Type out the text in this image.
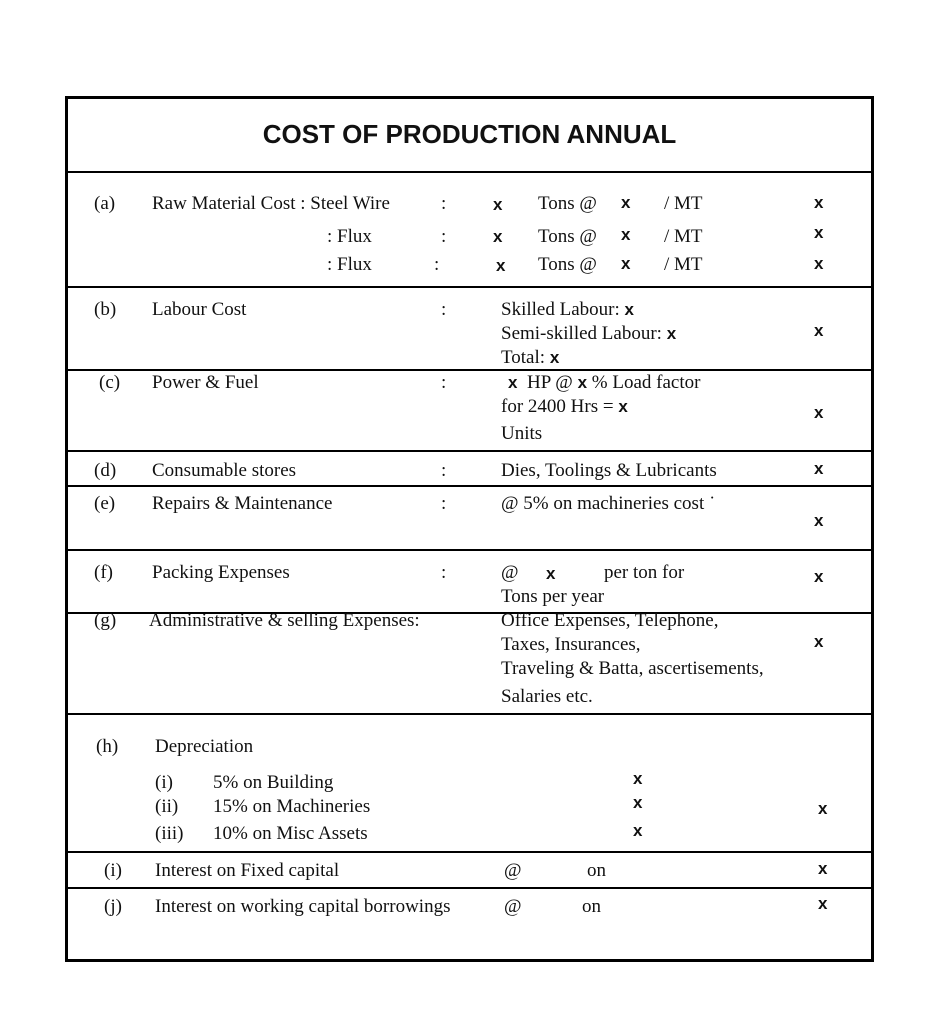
COST OF PRODUCTION ANNUAL
(a) Raw Material Cost : Steel Wire	:	x Tons @ x / MT	x
: Flux	:	x Tons @ x / MT	x
: Flux	:	x Tons @ x / MT	x
(b) Labour Cost	:	Skilled Labour: x
Semi-skilled Labour: x
Total: x
x
(c) Power & Fuel	:	x HP @ x % Load factor
for 2400 Hrs = x
Units
x
(d) Consumable stores	:	Dies, Toolings & Lubricants	x
(e) Repairs & Maintenance	:	@ 5% on machineries cost ˙
x
(f) Packing Expenses	:	@ x	per ton for
Tons per year
x
(g) Administrative & selling Expenses:	Office Expenses, Telephone,
Taxes, Insurances,
Traveling & Batta, ascertisements,
Salaries etc.
x
(h) Depreciation
(i) 5% on Building	x
(ii) 15% on Machineries	x
(iii) 10% on Misc Assets	x
x
(i) Interest on Fixed capital	@	on	x
(j) Interest on working capital borrowings	@	on	x
